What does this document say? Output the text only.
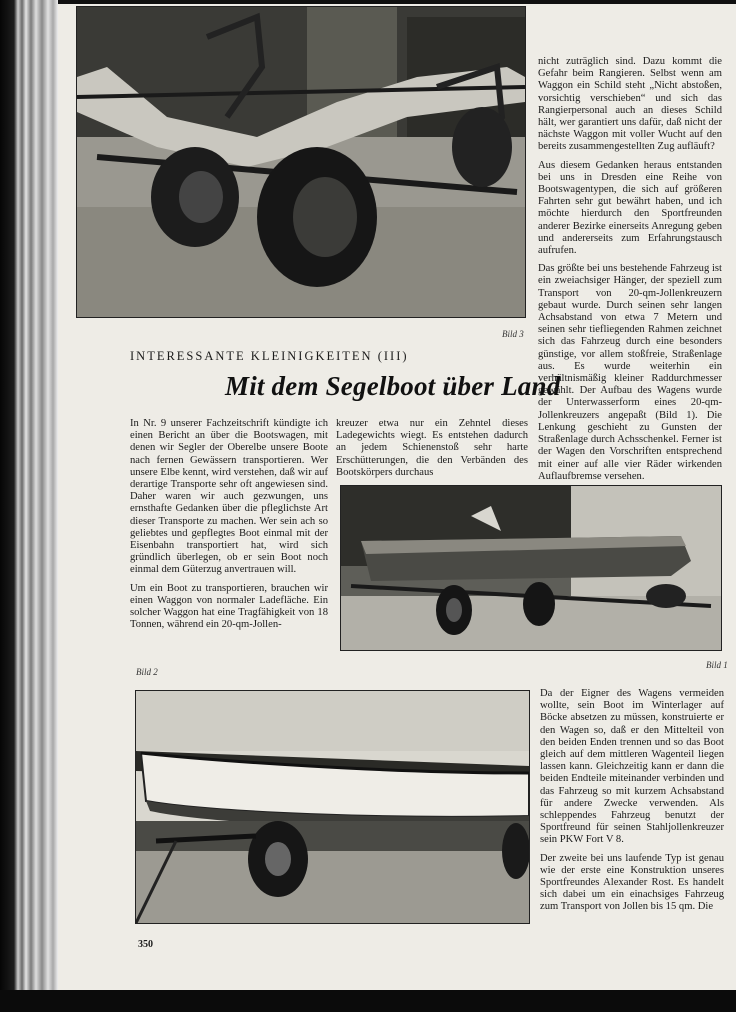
Bild 3

nicht zuträglich sind. Dazu kommt die Gefahr beim Rangieren. Selbst wenn am Waggon ein Schild steht „Nicht abstoßen, vorsichtig verschieben“ und sich das Rangierpersonal auch an dieses Schild hält, wer garantiert uns dafür, daß nicht der nächste Waggon mit voller Wucht auf den bereits zusammengestellten Zug aufläuft?

Aus diesem Gedanken heraus entstanden bei uns in Dresden eine Reihe von Bootswagentypen, die sich auf größeren Fahrten sehr gut bewährt haben, und ich möchte hierdurch den Sportfreunden anderer Bezirke einerseits Anregung geben und andererseits zum Erfahrungstausch aufrufen.

Das größte bei uns bestehende Fahrzeug ist ein zweiachsiger Hänger, der speziell zum Transport von 20-qm-Jollenkreuzern gebaut wurde. Durch seinen sehr langen Achsabstand von etwa 7 Metern und seinen sehr tiefliegenden Rahmen zeichnet sich das Fahrzeug durch eine besonders günstige, vor allem stoßfreie, Straßenlage aus. Es wurde weiterhin ein verhältnismäßig kleiner Raddurchmesser gewählt. Der Aufbau des Wagens wurde der Unterwasserform eines 20-qm-Jollenkreuzers angepaßt (Bild 1). Die Lenkung geschieht zu Gunsten der Straßenlage durch Achsschenkel. Ferner ist der Wagen den Vorschriften entsprechend mit einer auf alle vier Räder wirkenden Auflaufbremse versehen.

INTERESSANTE KLEINIGKEITEN (III)
Mit dem Segelboot über Land

In Nr. 9 unserer Fachzeitschrift kündigte ich einen Bericht an über die Bootswagen, mit denen wir Segler der Oberelbe unsere Boote nach fernen Gewässern transportieren. Wer unsere Elbe kennt, wird verstehen, daß wir auf derartige Transporte sehr oft angewiesen sind. Daher waren wir auch gezwungen, uns ernsthafte Gedanken über die pfleglichste Art dieser Transporte zu machen. Wer sein ach so geliebtes und gepflegtes Boot einmal mit der Eisenbahn transportiert hat, wird sich gründlich überlegen, ob er sein Boot noch einmal dem Güterzug anvertrauen will.

Um ein Boot zu transportieren, brauchen wir einen Waggon von normaler Ladefläche. Ein solcher Waggon hat eine Tragfähigkeit von 18 Tonnen, während ein 20-qm-Jollen-

kreuzer etwa nur ein Zehntel dieses Ladegewichts wiegt. Es entstehen dadurch an jedem Schienenstoß sehr harte Erschütterungen, die den Verbänden des Bootskörpers durchaus

Bild 1
Bild 2

Da der Eigner des Wagens vermeiden wollte, sein Boot im Winterlager auf Böcke absetzen zu müssen, konstruierte er den Wagen so, daß er den Mittelteil von den beiden Enden trennen und so das Boot gleich auf dem mittleren Wagenteil liegen lassen kann. Gleichzeitig kann er dann die beiden Endteile miteinander verbinden und das Fahrzeug so mit kurzem Achsabstand für andere Zwecke verwenden. Als schleppendes Fahrzeug benutzt der Sportfreund für seinen Stahljollenkreuzer sein PKW Fort V 8.

Der zweite bei uns laufende Typ ist genau wie der erste eine Konstruktion unseres Sportfreundes Alexander Rost. Es handelt sich dabei um ein einachsiges Fahrzeug zum Transport von Jollen bis 15 qm. Die

350
